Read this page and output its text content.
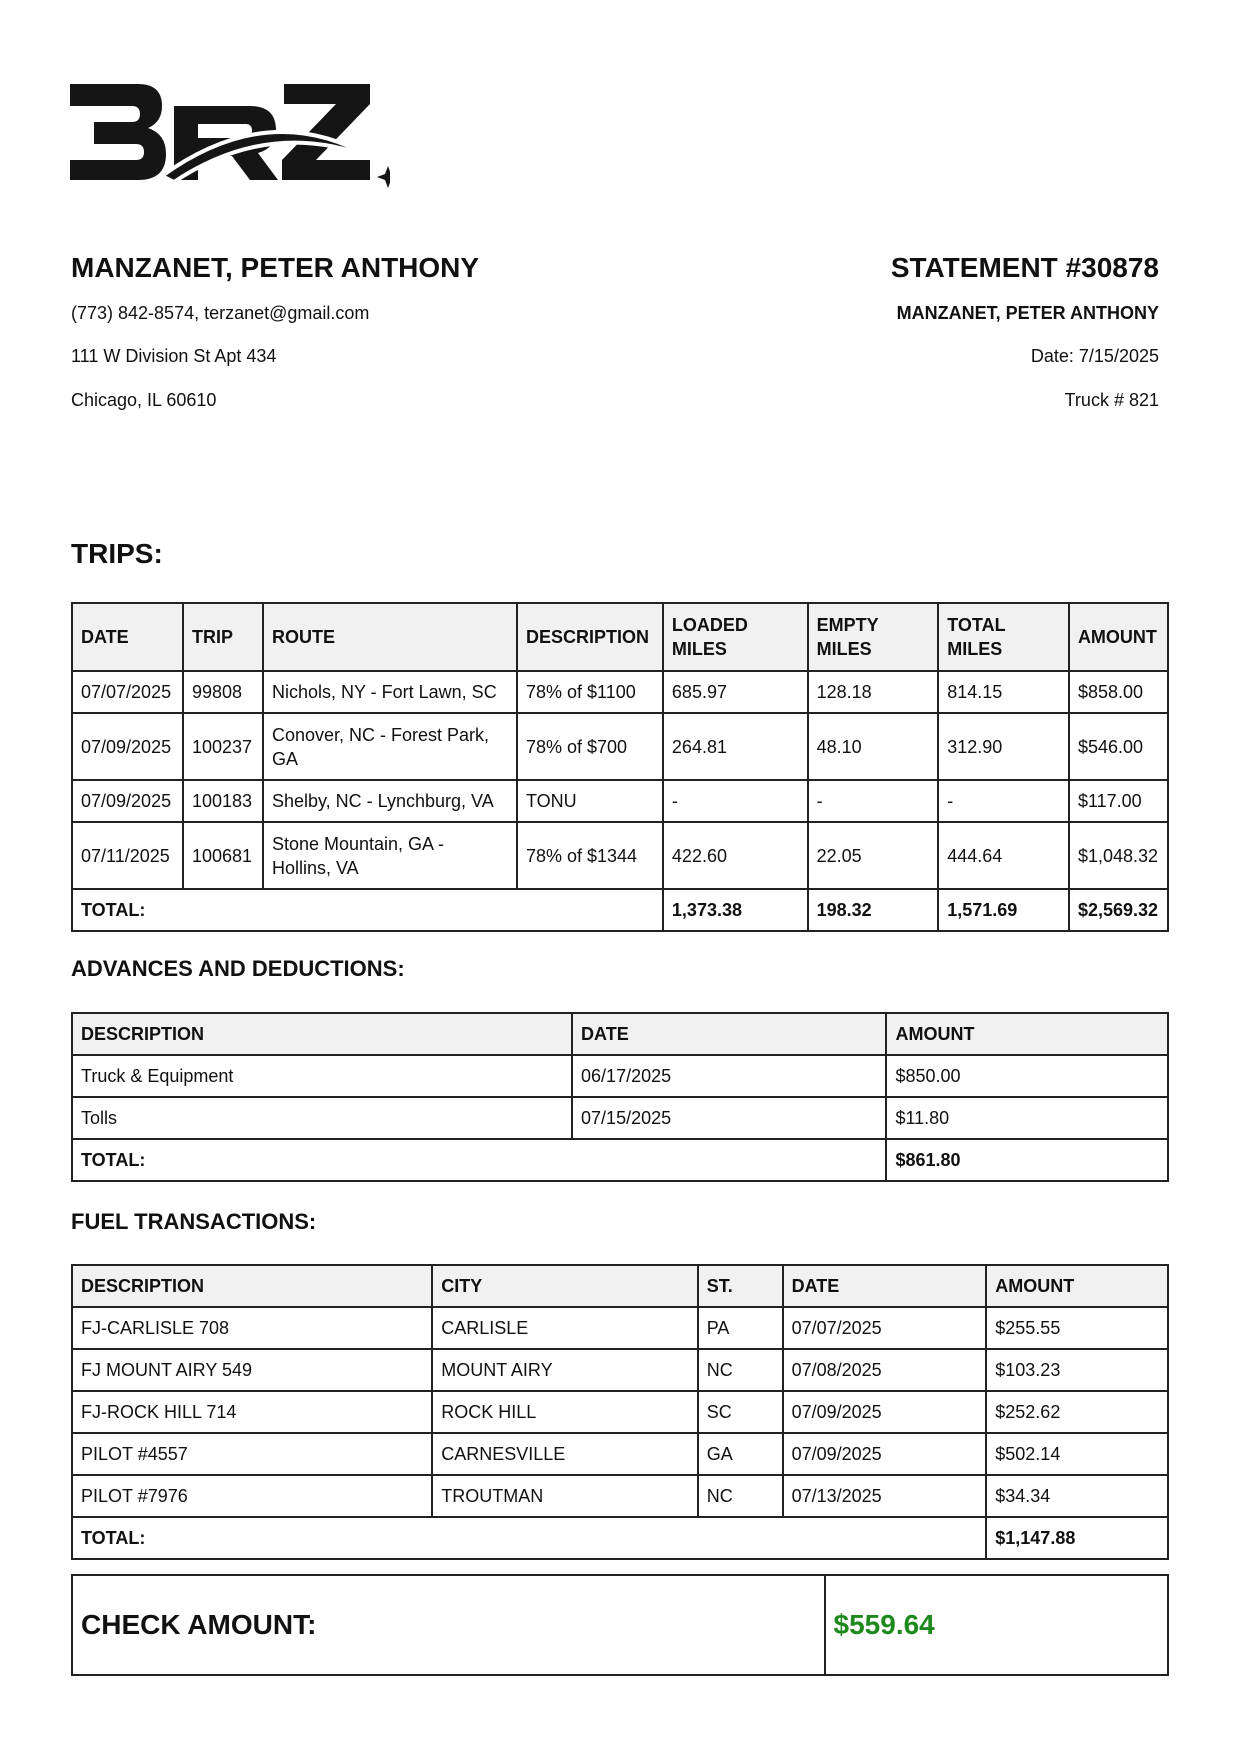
MANZANET, PETER ANTHONY

(773) 842-8574, terzanet@gmail.com

111 W Division St Apt 434

Chicago, IL 60610

STATEMENT #30878

MANZANET, PETER ANTHONY

Date: 7/15/2025

Truck # 821

TRIPS:
DATE	TRIP	ROUTE	DESCRIPTION	LOADED MILES	EMPTY MILES	TOTAL MILES	AMOUNT
07/07/2025	99808	Nichols, NY - Fort Lawn, SC	78% of $1100	685.97	128.18	814.15	$858.00
07/09/2025	100237	Conover, NC - Forest Park, GA	78% of $700	264.81	48.10	312.90	$546.00
07/09/2025	100183	Shelby, NC - Lynchburg, VA	TONU	-	-	-	$117.00
07/11/2025	100681	Stone Mountain, GA - Hollins, VA	78% of $1344	422.60	22.05	444.64	$1,048.32
TOTAL:				1,373.38	198.32	1,571.69	$2,569.32
ADVANCES AND DEDUCTIONS:
DESCRIPTION	DATE	AMOUNT
Truck & Equipment	06/17/2025	$850.00
Tolls	07/15/2025	$11.80
TOTAL:		$861.80
FUEL TRANSACTIONS:
DESCRIPTION	CITY	ST.	DATE	AMOUNT
FJ-CARLISLE 708	CARLISLE	PA	07/07/2025	$255.55
FJ MOUNT AIRY 549	MOUNT AIRY	NC	07/08/2025	$103.23
FJ-ROCK HILL 714	ROCK HILL	SC	07/09/2025	$252.62
PILOT #4557	CARNESVILLE	GA	07/09/2025	$502.14
PILOT #7976	TROUTMAN	NC	07/13/2025	$34.34
TOTAL:				$1,147.88
CHECK AMOUNT:	$559.64
